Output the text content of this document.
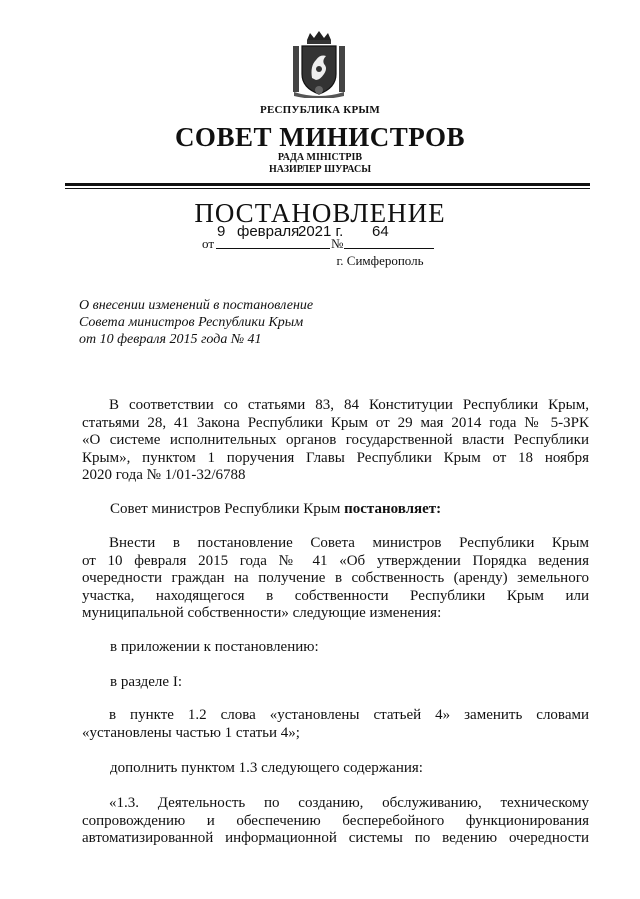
РЕСПУБЛИКА КРЫМ
СОВЕТ МИНИСТРОВ
РАДА МІНІСТРІВ
НАЗИРЛЕР ШУРАСЫ
ПОСТАНОВЛЕНИЕ
от
9 февраля
2021 г.
№
64
г. Симферополь
О внесении изменений в постановление
Совета министров Республики Крым
от 10 февраля 2015 года № 41
В соответствии со статьями 83, 84 Конституции Республики Крым,
статьями 28, 41 Закона Республики Крым от 29 мая 2014 года № 5-ЗРК
«О системе исполнительных органов государственной власти Республики
Крым», пунктом 1 поручения Главы Республики Крым от 18 ноября
2020 года № 1/01-32/6788
Совет министров Республики Крым постановляет:
Внести в постановление Совета министров Республики Крым
от 10 февраля 2015 года № 41 «Об утверждении Порядка ведения
очередности граждан на получение в собственность (аренду) земельного
участка, находящегося в собственности Республики Крым или
муниципальной собственности» следующие изменения:
в приложении к постановлению:
в разделе I:
в пункте 1.2 слова «установлены статьей 4» заменить словами
«установлены частью 1 статьи 4»;
дополнить пунктом 1.3 следующего содержания:
«1.3. Деятельность по созданию, обслуживанию, техническому
сопровождению и обеспечению бесперебойного функционирования
автоматизированной информационной системы по ведению очередности
